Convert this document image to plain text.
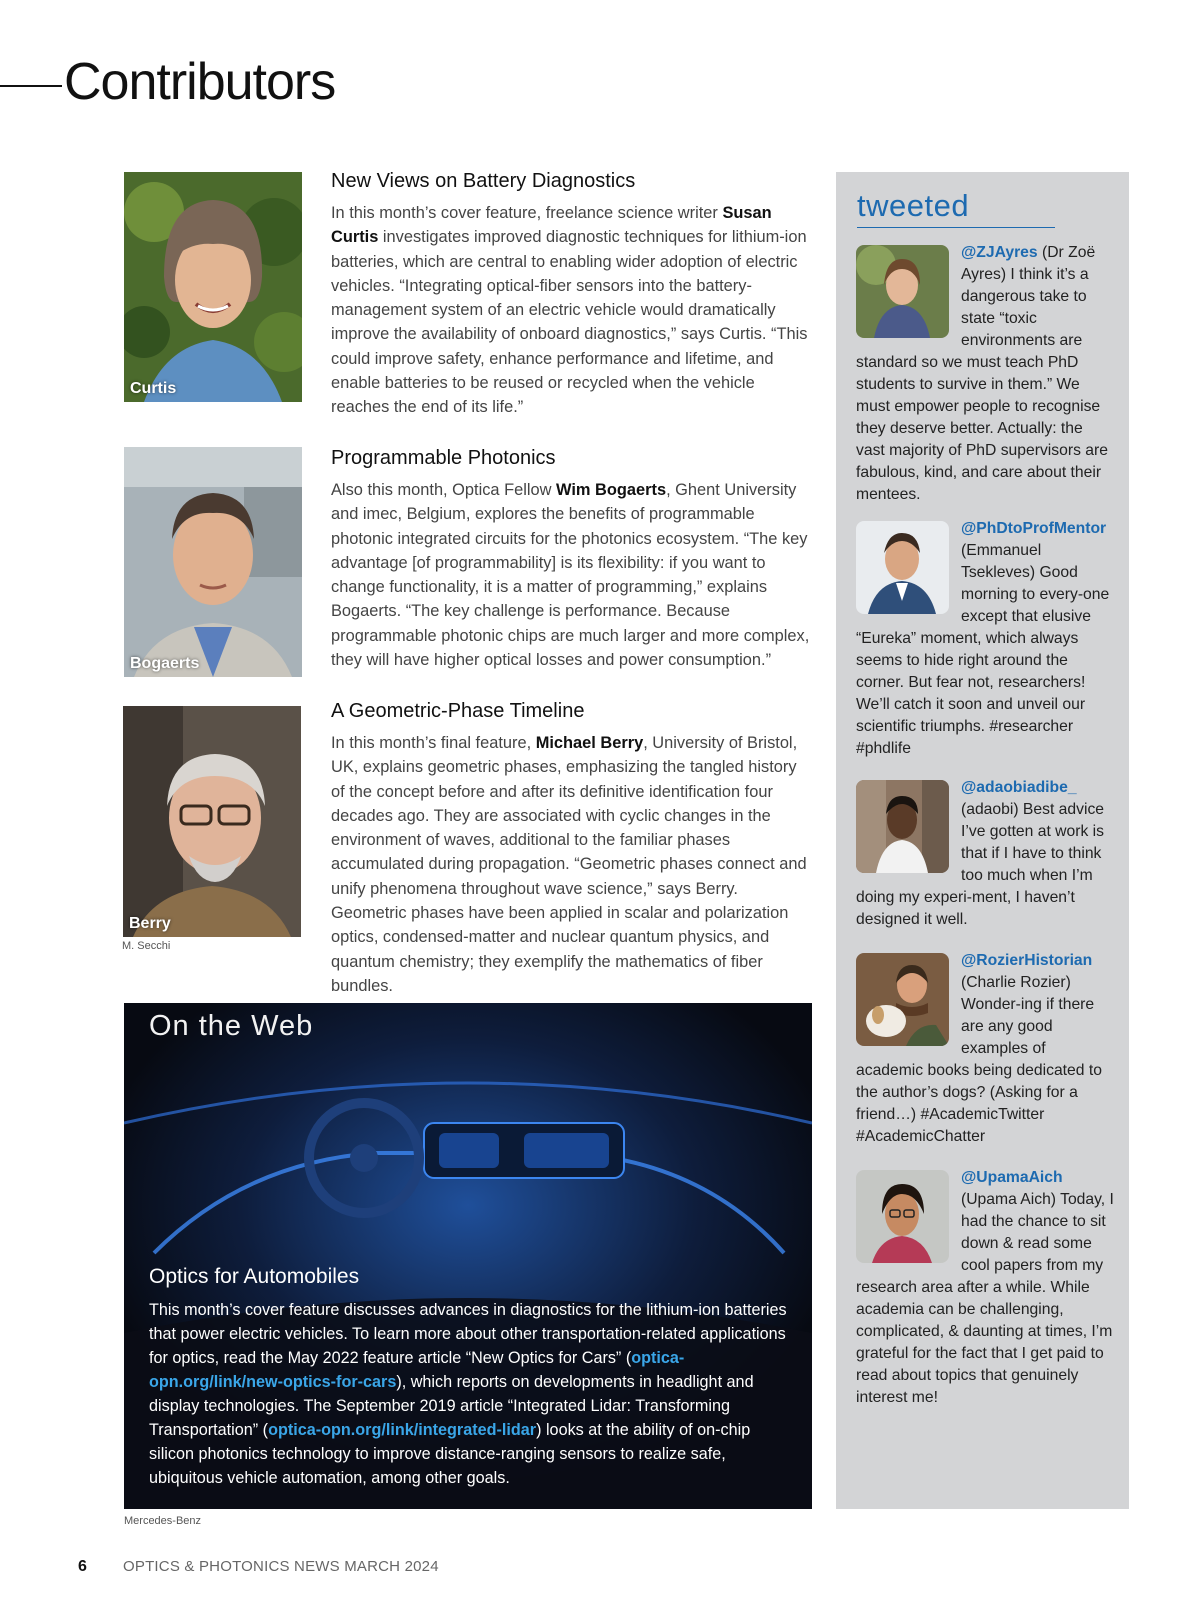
Contributors
Curtis
Bogaerts
Berry
M. Secchi
New Views on Battery Diagnostics

In this month’s cover feature, freelance science writer Susan Curtis investigates improved diagnostic techniques for lithium-ion batteries, which are central to enabling wider adoption of electric vehicles. “Integrating optical-fiber sensors into the battery-management system of an electric vehicle would dramatically improve the availability of onboard diagnostics,” says Curtis. “This could improve safety, enhance performance and lifetime, and enable batteries to be reused or recycled when the vehicle reaches the end of its life.”

Programmable Photonics

Also this month, Optica Fellow Wim Bogaerts, Ghent University and imec, Belgium, explores the benefits of programmable photonic integrated circuits for the photonics ecosystem. “The key advantage [of programmability] is its flexibility: if you want to change functionality, it is a matter of programming,” explains Bogaerts. “The key challenge is performance. Because programmable photonic chips are much larger and more complex, they will have higher optical losses and power consumption.”

A Geometric-Phase Timeline

In this month’s final feature, Michael Berry, University of Bristol, UK, explains geometric phases, emphasizing the tangled history of the concept before and after its definitive identification four decades ago. They are associated with cyclic changes in the environment of waves, additional to the familiar phases accumulated during propagation. “Geometric phases connect and unify phenomena throughout wave science,” says Berry. Geometric phases have been applied in scalar and polarization optics, condensed-matter and nuclear quantum physics, and quantum chemistry; they exemplify the mathematics of fiber bundles.

On the Web
Optics for Automobiles
This month’s cover feature discusses advances in diagnostics for the lithium-ion batteries that power electric vehicles. To learn more about other transportation-related applications for optics, read the May 2022 feature article “New Optics for Cars” (optica-opn.org/link/new-optics-for-cars), which reports on developments in headlight and display technologies. The September 2019 article “Integrated Lidar: Transforming Transportation” (optica-opn.org/link/integrated-lidar) looks at the ability of on-chip silicon photonics technology to improve distance-ranging sensors to realize safe, ubiquitous vehicle automation, among other goals.
Mercedes-Benz
tweeted
@ZJAyres
(Dr Zoë Ayres) I think it’s a dangerous take to state “toxic environments are standard so we must teach PhD students to survive in them.” We must empower people to recognise they deserve better. Actually: the vast majority of PhD supervisors are fabulous, kind, and care about their mentees.
@PhDtoProfMentor
(Emmanuel Tsekleves) Good morning to every-one except that elusive “Eureka” moment, which always seems to hide right around the corner. But fear not, researchers! We’ll catch it soon and unveil our scientific triumphs. #researcher #phdlife
@adaobiadibe_
(adaobi) Best advice I’ve gotten at work is that if I have to think too much when I’m doing my experi-ment, I haven’t designed it well.
@RozierHistorian
(Charlie Rozier) Wonder-ing if there are any good examples of academic books being dedicated to the author’s dogs? (Asking for a friend…) #AcademicTwitter #AcademicChatter
@UpamaAich
(Upama Aich) Today, I had the chance to sit down & read some cool papers from my research area after a while. While academia can be challenging, complicated, & daunting at times, I’m grateful for the fact that I get paid to read about topics that genuinely interest me!
6 OPTICS & PHOTONICS NEWS MARCH 2024
